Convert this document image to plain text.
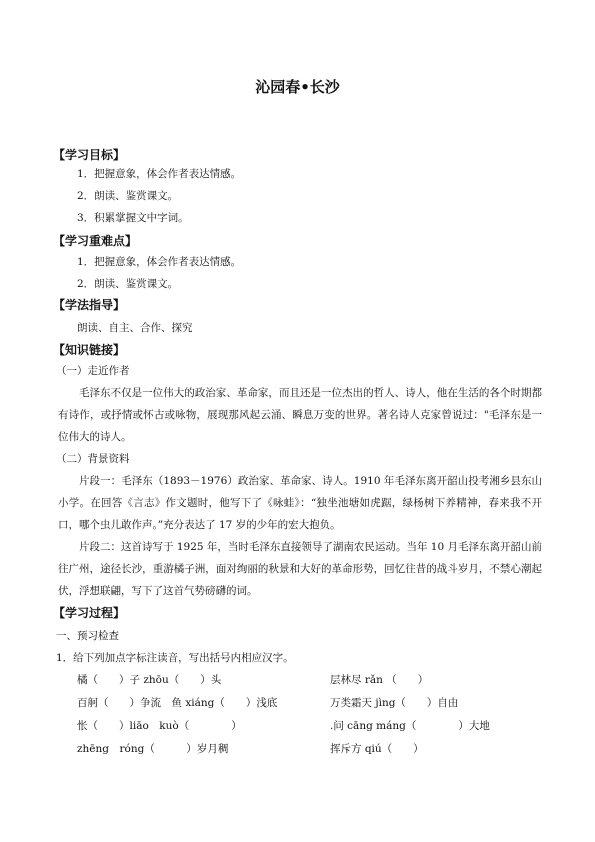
沁园春•长沙
【学习目标】
1．把握意象，体会作者表达情感。
2．朗读、鉴赏课文。
3．积累掌握文中字词。
【学习重难点】
1．把握意象，体会作者表达情感。
2．朗读、鉴赏课文。
【学法指导】
朗读、自主、合作、探究
【知识链接】
（一）走近作者
毛泽东不仅是一位伟大的政治家、革命家，而且还是一位杰出的哲人、诗人，他在生活的各个时期都有诗作，或抒情或怀古或咏物，展现那风起云涌、瞬息万变的世界。著名诗人克家曾说过："毛泽东是一位伟大的诗人。
（二）背景资料
片段一：毛泽东（1893－1976）政治家、革命家、诗人。1910 年毛泽东离开韶山投考湘乡县东山小学。在回答《言志》作文题时，他写下了《咏蛙》：“独坐池塘如虎踞，绿杨树下养精神，春来我不开口，哪个虫儿敢作声。”充分表达了 17 岁的少年的宏大抱负。
片段二：这首诗写于 1925 年，当时毛泽东直接领导了湖南农民运动。当年 10 月毛泽东离开韶山前往广州，途径长沙，重游橘子洲，面对绚丽的秋景和大好的革命形势，回忆往昔的战斗岁月，不禁心潮起伏，浮想联翩，写下了这首气势磅礴的词。
【学习过程】
一、预习检查
1．给下列加点字标注读音，写出括号内相应汉字。
橘（　　）子 zhōu（　　）头	层林尽 rǎn （　　）
百舸（　　）争流　鱼 xiáng（　　）浅底	万类霜天 jìng（　　）自由
怅（　　）liāo　kuò（　　　　）	.问 cāng máng（　　　　）大地
zhēng　róng（　　　）岁月稠	挥斥方 qiú（　　）
